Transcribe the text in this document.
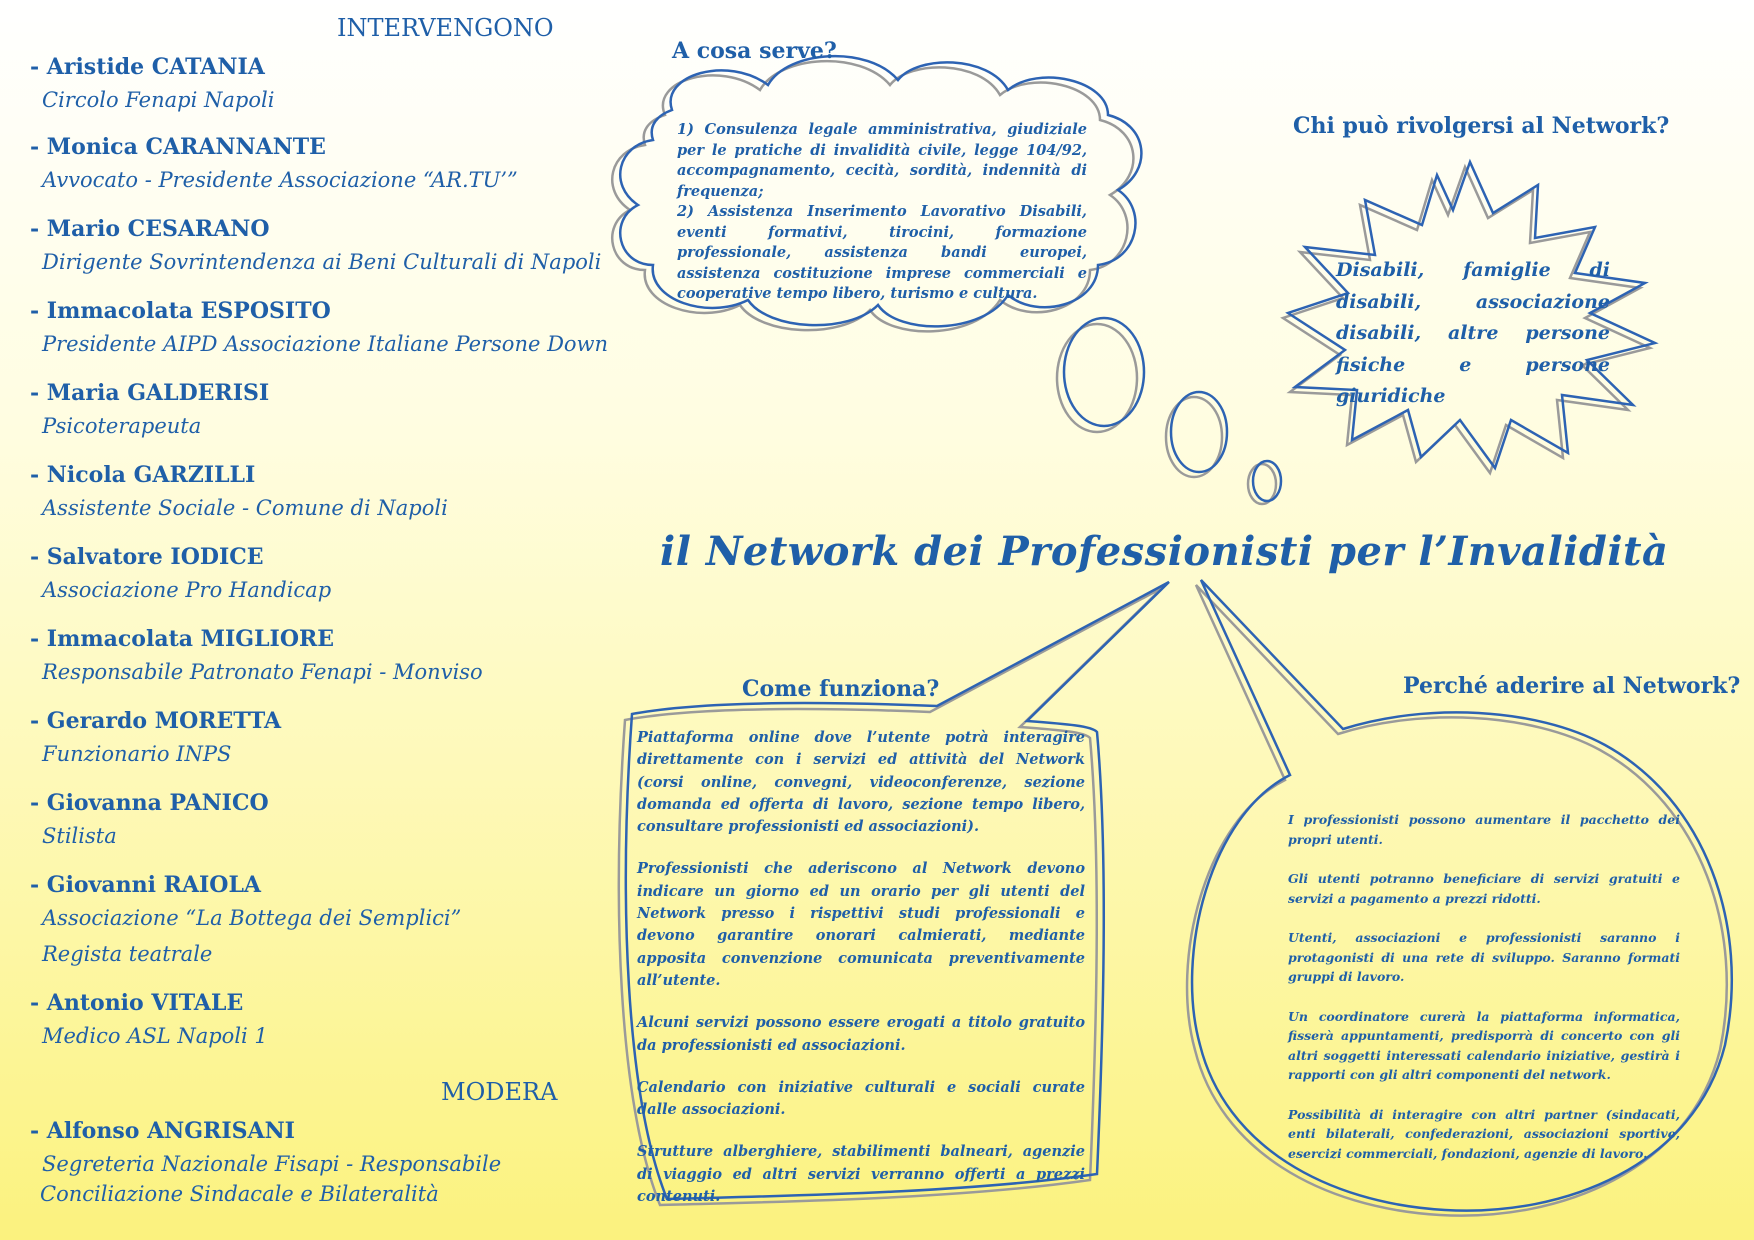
INTERVENGONO
- Aristide CATANIA
Circolo Fenapi Napoli
- Monica CARANNANTE
Avvocato - Presidente Associazione “AR.TU’”
- Mario CESARANO
Dirigente Sovrintendenza ai Beni Culturali di Napoli
- Immacolata ESPOSITO
Presidente AIPD Associazione Italiane Persone Down
- Maria GALDERISI
Psicoterapeuta
- Nicola GARZILLI
Assistente Sociale - Comune di Napoli
- Salvatore IODICE
Associazione Pro Handicap
- Immacolata MIGLIORE
Responsabile Patronato Fenapi - Monviso
- Gerardo MORETTA
Funzionario INPS
- Giovanna PANICO
Stilista
- Giovanni RAIOLA
Associazione “La Bottega dei Semplici”
Regista teatrale
- Antonio VITALE
Medico ASL Napoli 1
MODERA
- Alfonso ANGRISANI
Segreteria Nazionale Fisapi - Responsabile
Conciliazione Sindacale e Bilateralità
A cosa serve?
1) Consulenza legale amministrativa, giudiziale per le pratiche di invalidità civile, legge 104/92, accompagnamento, cecità, sordità, indennità di frequenza;
2) Assistenza Inserimento Lavorativo Disabili, eventi formativi, tirocini, formazione professionale, assistenza bandi europei, assistenza costituzione imprese commerciali e cooperative tempo libero, turismo e cultura.
Chi può rivolgersi al Network?
Disabili, famiglie di disabili, associazione disabili, altre persone fisiche e persone giuridiche
il Network dei Professionisti per l’Invalidità
Come funziona?
Piattaforma online dove l’utente potrà interagire direttamente con i servizi ed attività del Network (corsi online, convegni, videoconferenze, sezione domanda ed offerta di lavoro, sezione tempo libero, consultare professionisti ed associazioni).
Professionisti che aderiscono al Network devono indicare un giorno ed un orario per gli utenti del Network presso i rispettivi studi professionali e devono garantire onorari calmierati, mediante apposita convenzione comunicata preventivamente all’utente.
Alcuni servizi possono essere erogati a titolo gratuito da professionisti ed associazioni.
Calendario con iniziative culturali e sociali curate dalle associazioni.
Strutture alberghiere, stabilimenti balneari, agenzie di viaggio ed altri servizi verranno offerti a prezzi contenuti.
Perché aderire al Network?
I professionisti possono aumentare il pacchetto dei propri utenti.
Gli utenti potranno beneficiare di servizi gratuiti e servizi a pagamento a prezzi ridotti.
Utenti, associazioni e professionisti saranno i protagonisti di una rete di sviluppo. Saranno formati gruppi di lavoro.
Un coordinatore curerà la piattaforma informatica, fisserà appuntamenti, predisporrà di concerto con gli altri soggetti interessati calendario iniziative, gestirà i rapporti con gli altri componenti del network.
Possibilità di interagire con altri partner (sindacati, enti bilaterali, confederazioni, associazioni sportive, esercizi commerciali, fondazioni, agenzie di lavoro.
